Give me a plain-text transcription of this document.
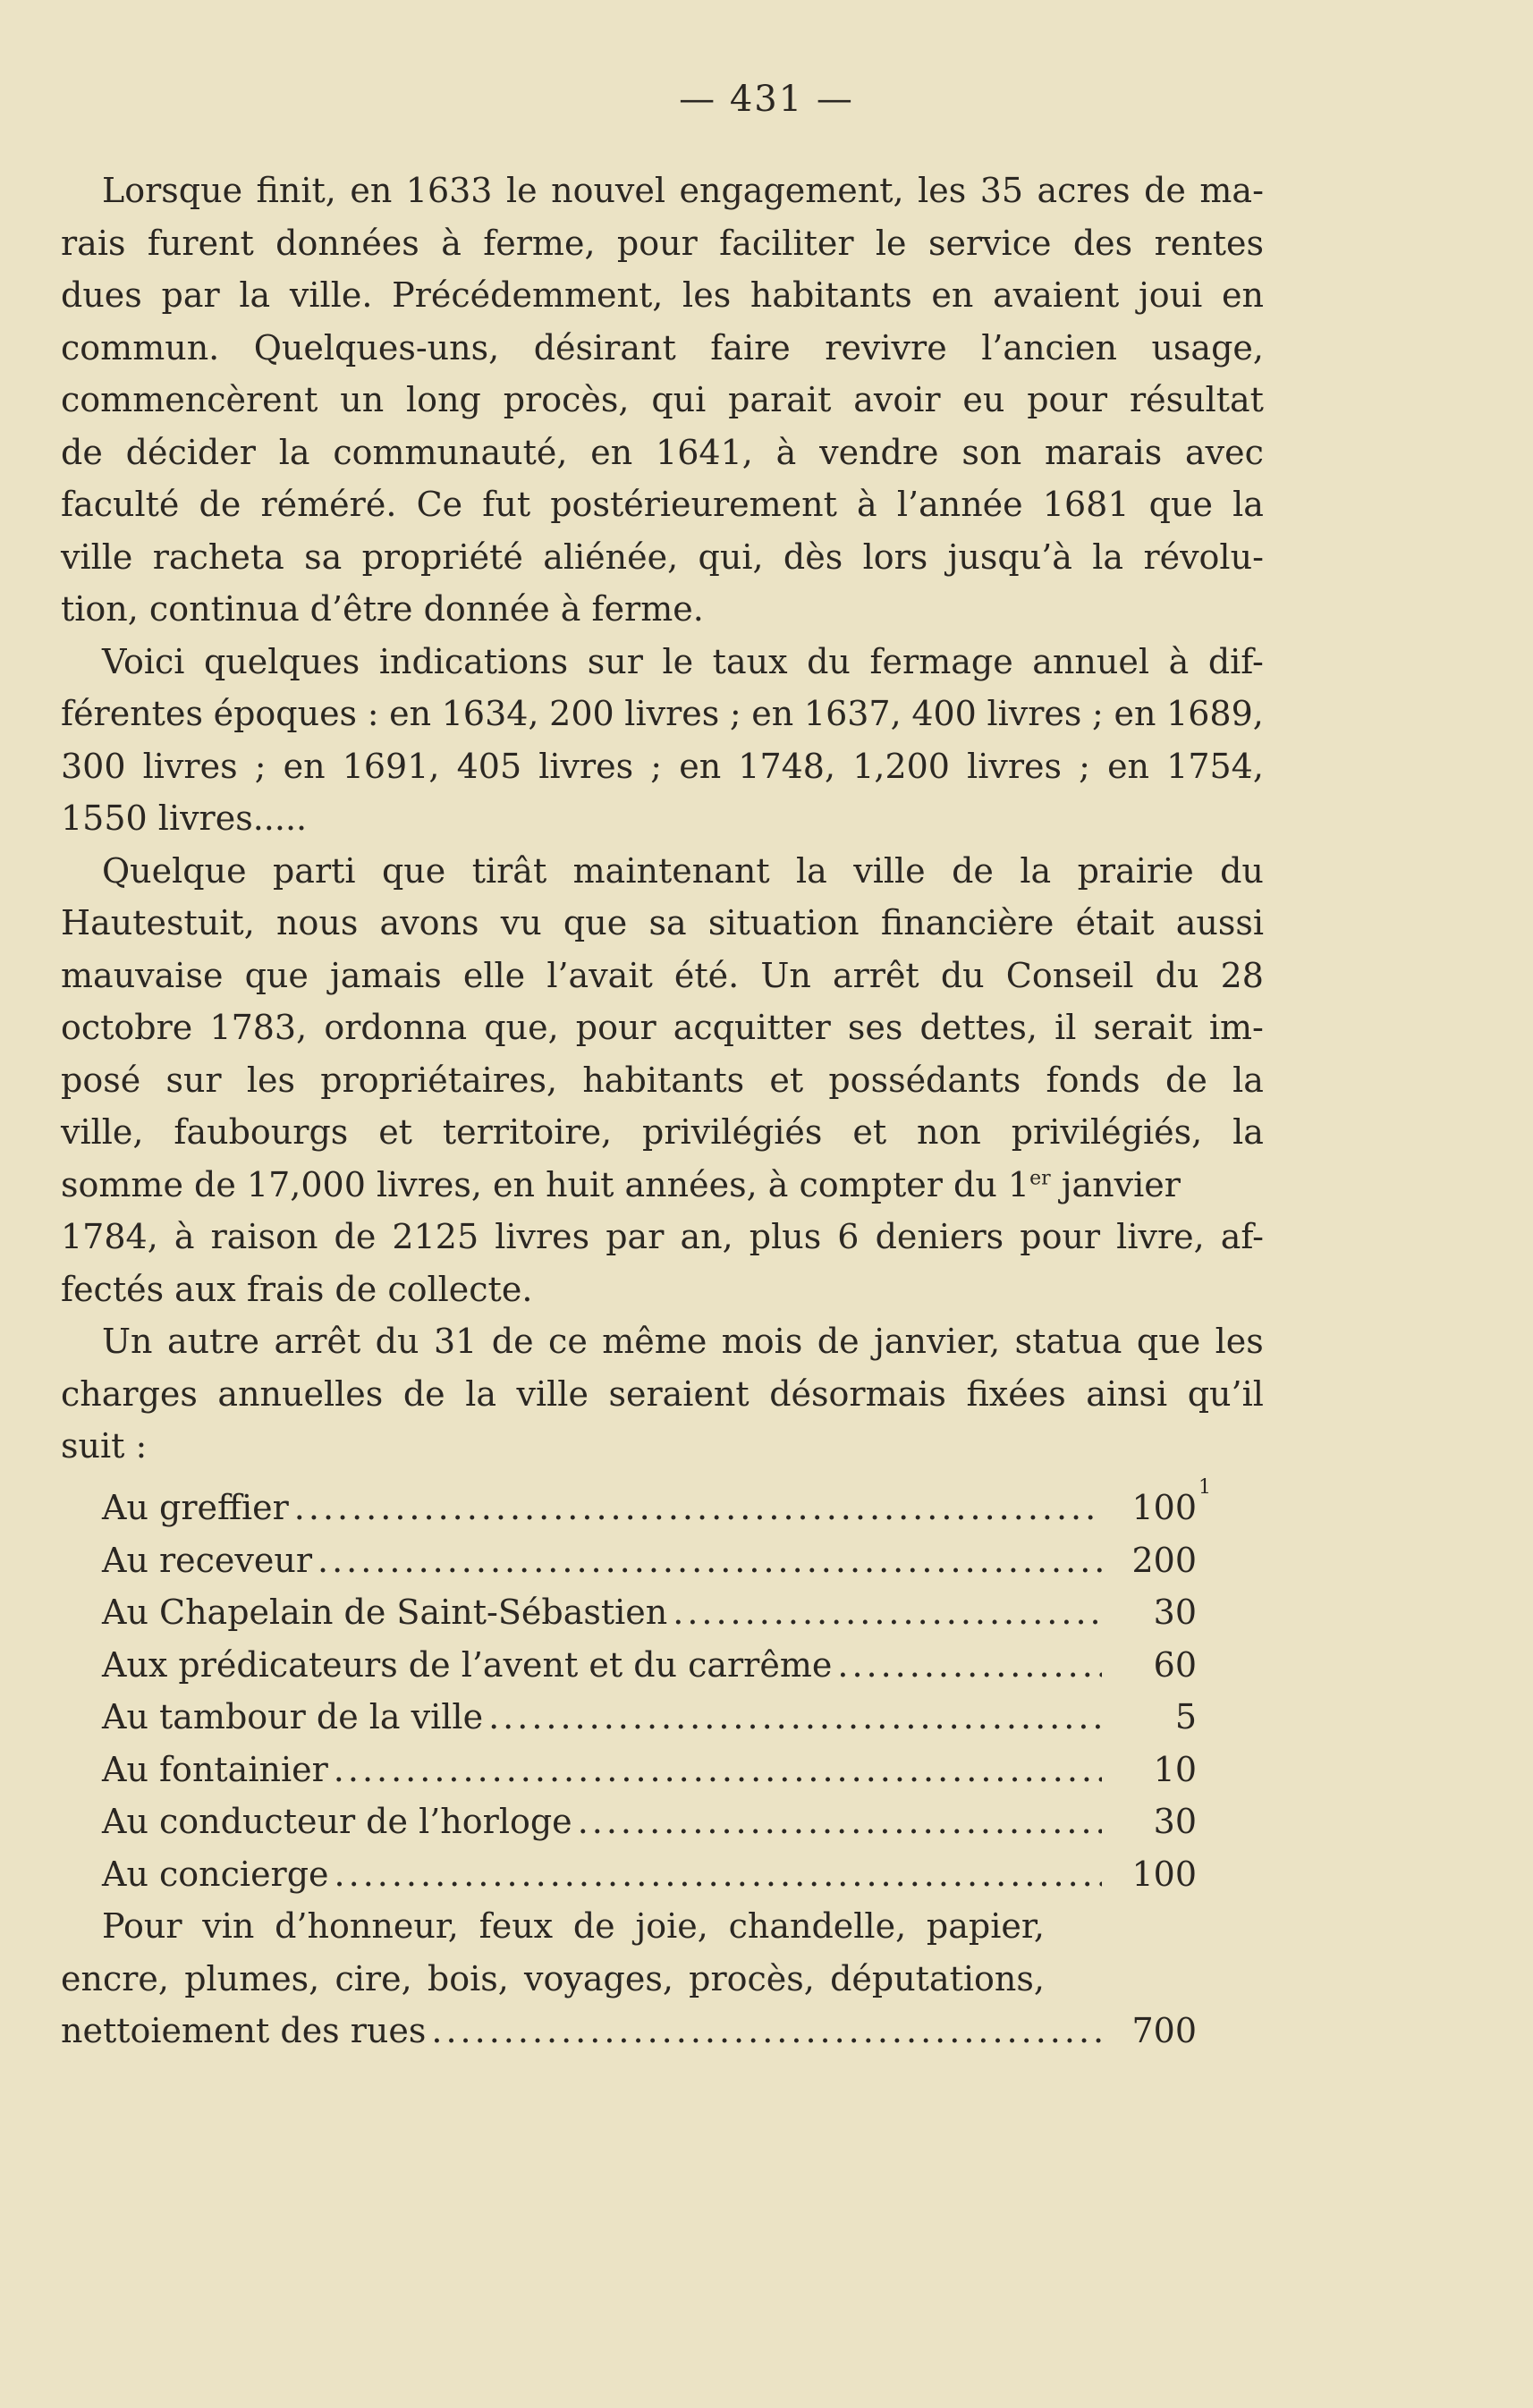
— 431 —
Lorsque finit, en 1633 le nouvel engagement, les 35 acres de ma-
rais furent données à ferme, pour faciliter le service des rentes
dues par la ville. Précédemment, les habitants en avaient joui en
commun. Quelques-uns, désirant faire revivre l’ancien usage,
commencèrent un long procès, qui parait avoir eu pour résultat
de décider la communauté, en 1641, à vendre son marais avec
faculté de réméré. Ce fut postérieurement à l’année 1681 que la
ville racheta sa propriété aliénée, qui, dès lors jusqu’à la révolu-
tion, continua d’être donnée à ferme.
Voici quelques indications sur le taux du fermage annuel à dif-
férentes époques : en 1634, 200 livres ; en 1637, 400 livres ; en 1689,
300 livres ; en 1691, 405 livres ; en 1748, 1,200 livres ; en 1754,
1550 livres.....
Quelque parti que tirât maintenant la ville de la prairie du
Hautestuit, nous avons vu que sa situation financière était aussi
mauvaise que jamais elle l’avait été. Un arrêt du Conseil du 28
octobre 1783, ordonna que, pour acquitter ses dettes, il serait im-
posé sur les propriétaires, habitants et possédants fonds de la
ville, faubourgs et territoire, privilégiés et non privilégiés, la
somme de 17,000 livres, en huit années, à compter du 1er janvier
1784, à raison de 2125 livres par an, plus 6 deniers pour livre, af-
fectés aux frais de collecte.
Un autre arrêt du 31 de ce même mois de janvier, statua que les
charges annuelles de la ville seraient désormais fixées ainsi qu’il
suit :
Au greffier .....	100
1
Au receveur .....	200
Au Chapelain de Saint-Sébastien .....	30
Aux prédicateurs de l’avent et du carrême .....	60
Au tambour de la ville .....	5
Au fontainier .....	10
Au conducteur de l’horloge .....	30
Au concierge .....	100
Pour vin d’honneur, feux de joie, chandelle, papier,
encre, plumes, cire, bois, voyages, procès, députations,
nettoiement des rues .....	700
